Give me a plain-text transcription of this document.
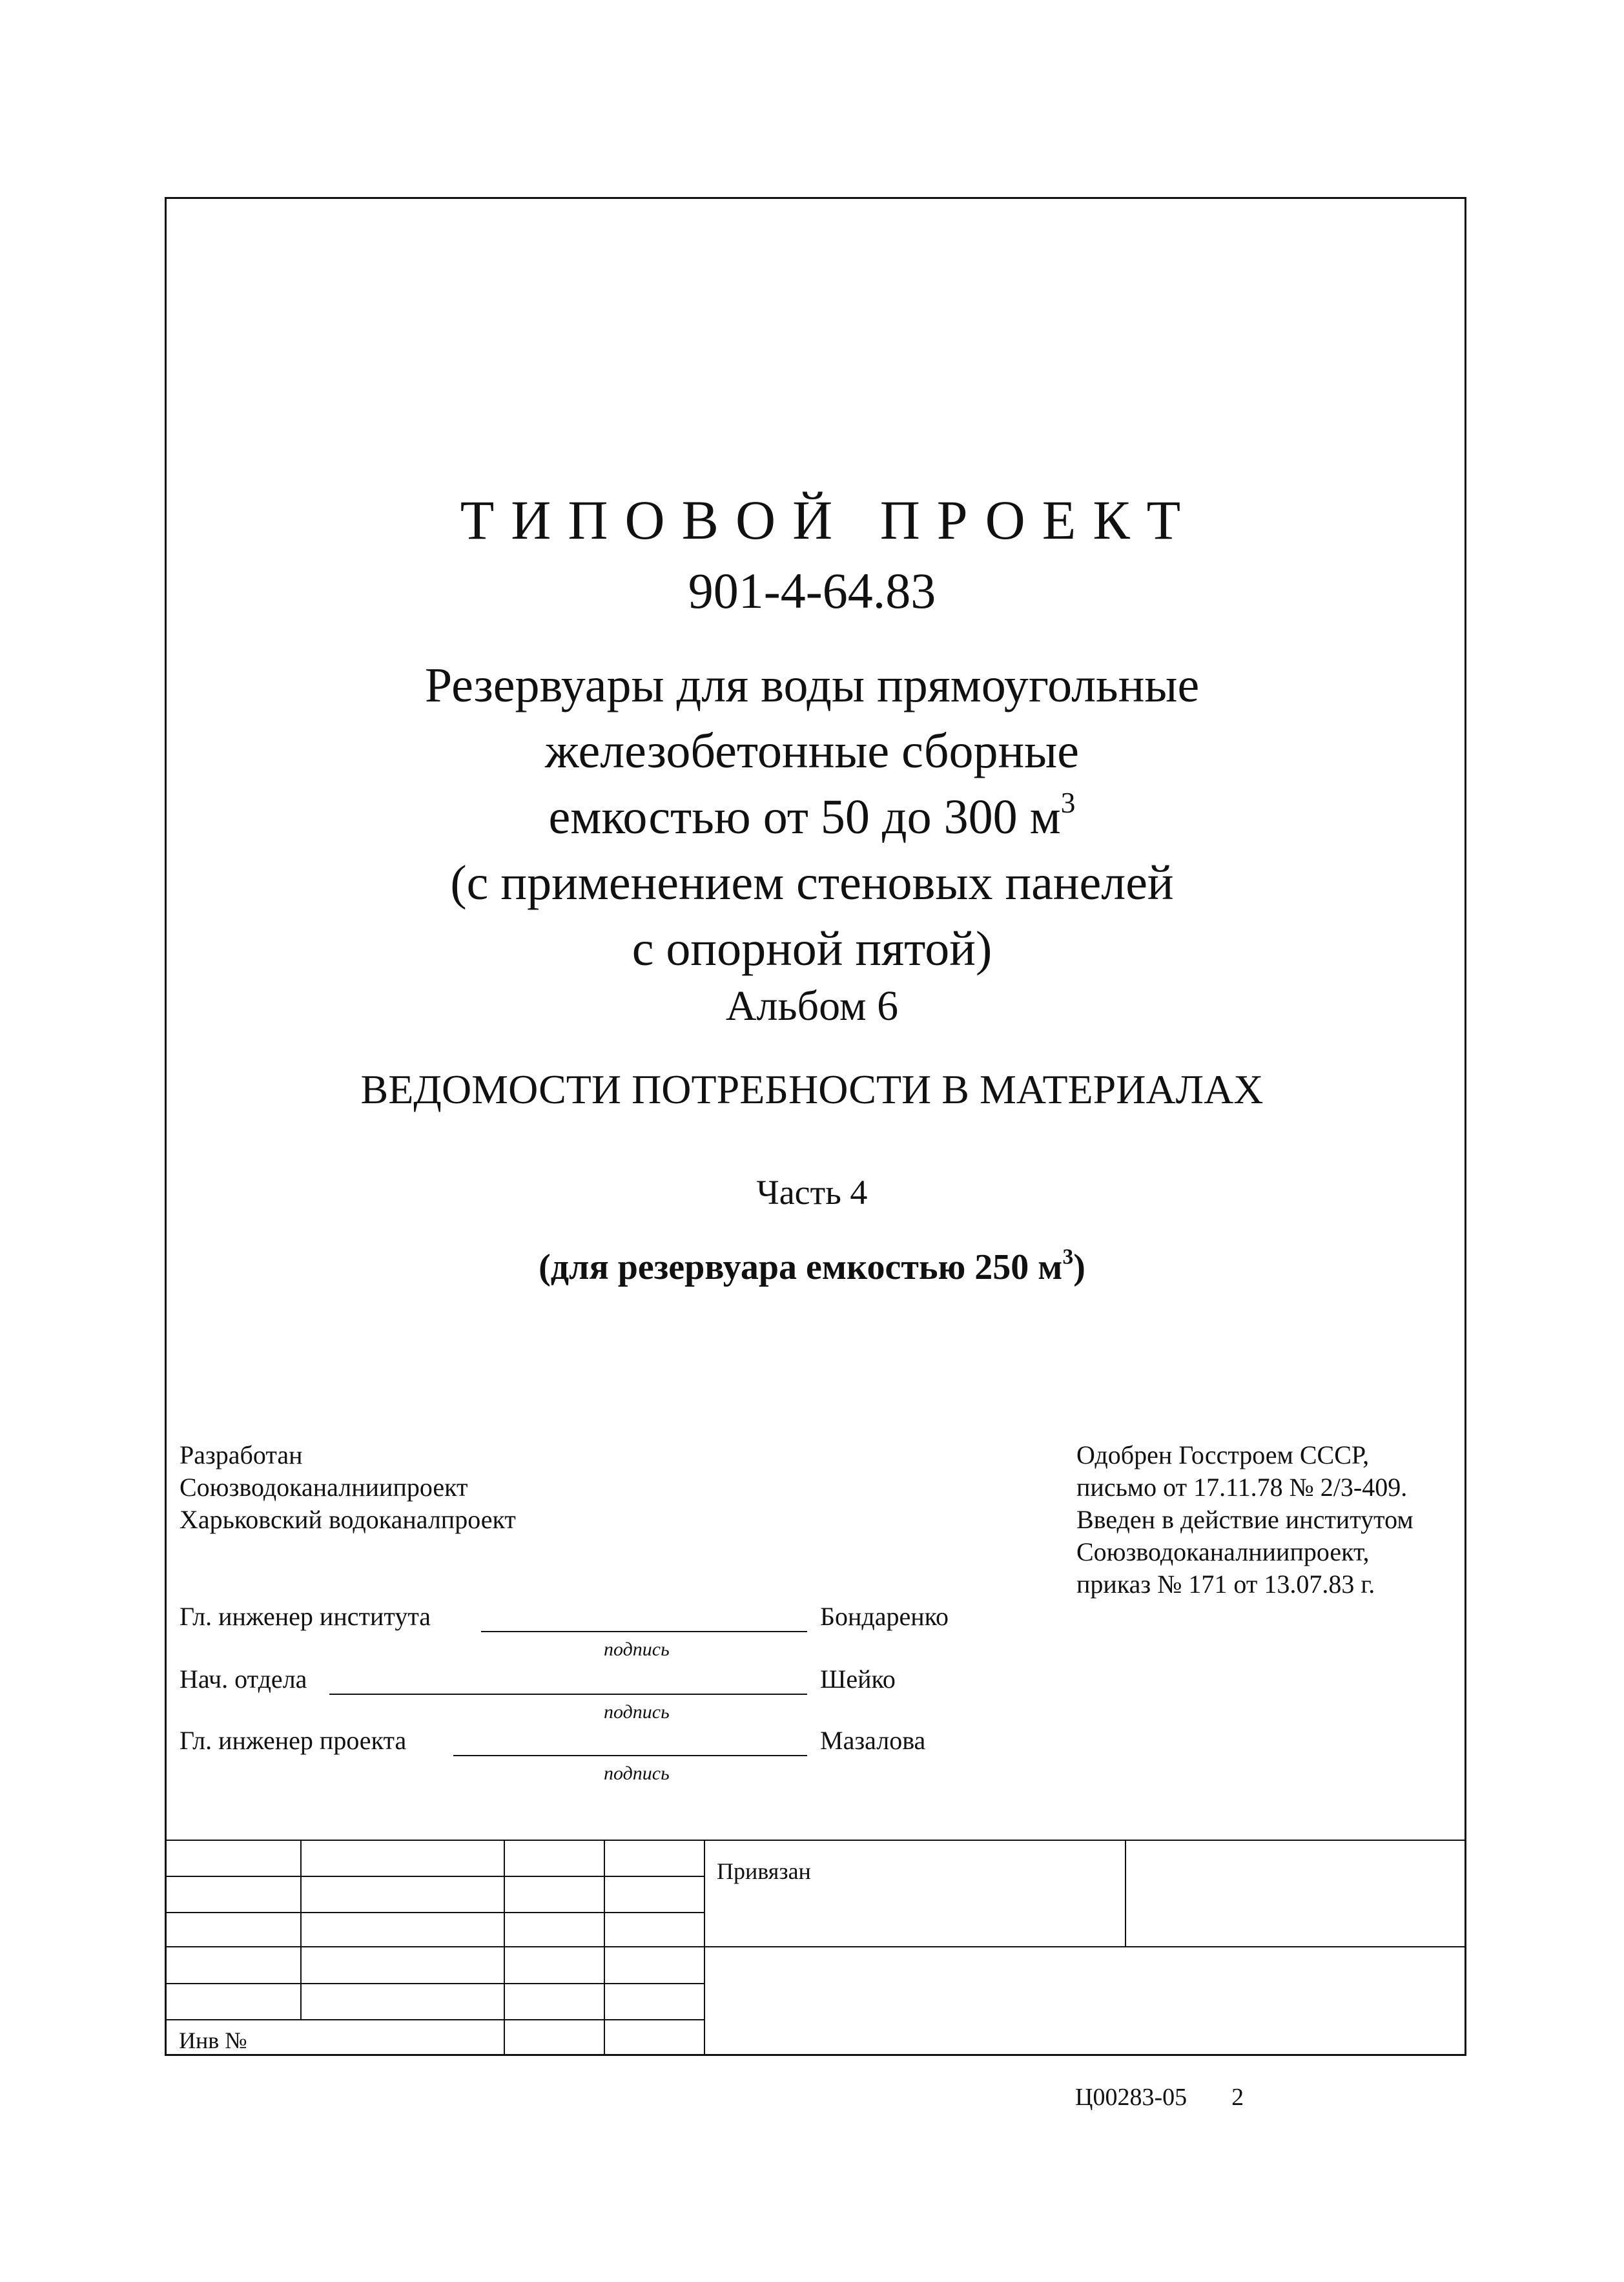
ТИПОВОЙ ПРОЕКТ
901-4-64.83
Резервуары для воды прямоугольные
железобетонные сборные
емкостью от 50 до 300 $м^3$
(с применением стеновых панелей
с опорной пятой)
Альбом 6
ВЕДОМОСТИ ПОТРЕБНОСТИ В МАТЕРИАЛАХ
Часть 4
(для резервуара емкостью 250 $м^3$)
Разработан
Союзводоканалниипроект
Харьковский водоканалпроект
Одобрен Госстроем СССР,
письмо от 17.11.78 № 2/3-409.
Введен в действие институтом
Союзводоканалниипроект,
приказ № 171 от 13.07.83 г.
Гл. инженер института	Бондаренко
подпись
Нач. отдела	Шейко
подпись
Гл. инженер проекта	Мазалова
подпись
Привязан
Инв №
Ц00283-05 2
